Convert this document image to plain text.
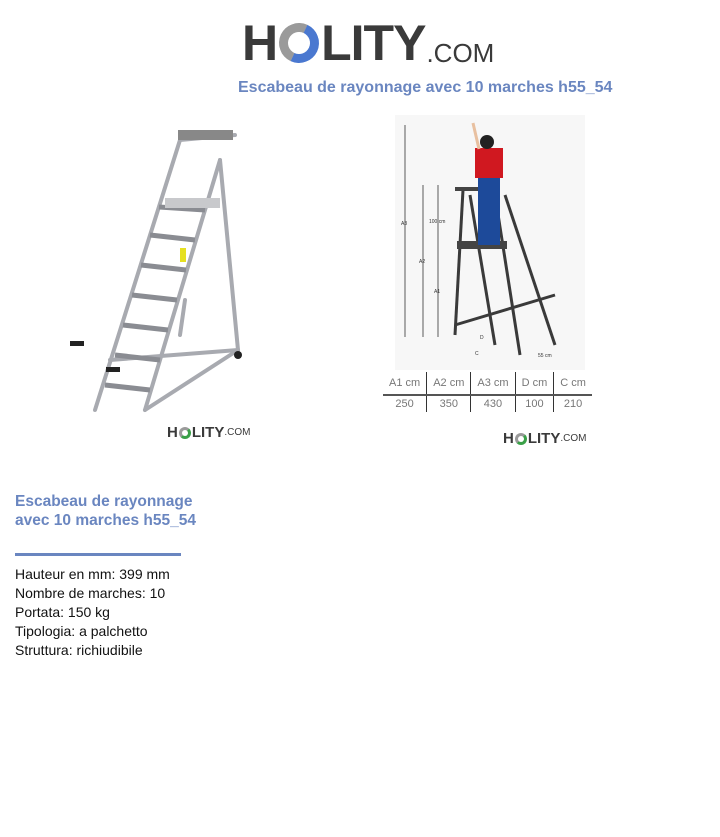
H LITY .COM
Escabeau de rayonnage avec 10 marches h55_54
H LITY .COM
A3
A2
A1
100 cm
D
C	55 cm
A1 cm	A2 cm	A3 cm	D cm	C cm
250	350	430	100	210
H LITY .COM
Escabeau de rayonnage avec 10 marches h55_54
Hauteur en mm: 399 mm
Nombre de marches: 10
Portata: 150 kg
Tipologia: a palchetto
Struttura: richiudibile
